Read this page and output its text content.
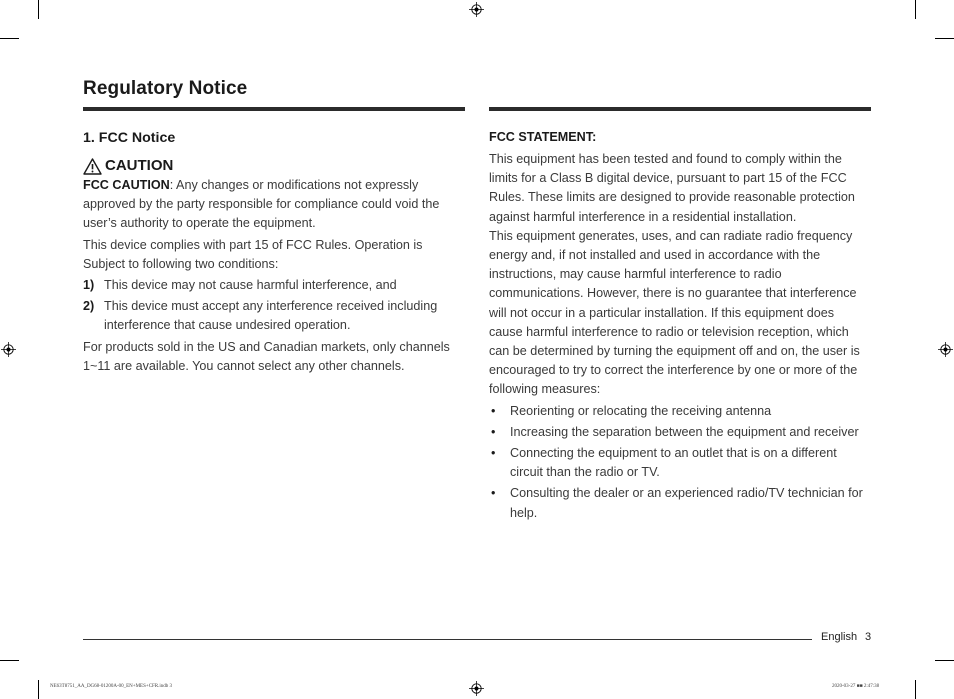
Regulatory Notice
1. FCC Notice
CAUTION

FCC CAUTION: Any changes or modifications not expressly approved by the party responsible for compliance could void the user’s authority to operate the equipment.

This device complies with part 15 of FCC Rules. Operation is Subject to following two conditions:

1) This device may not cause harmful interference, and
2) This device must accept any interference received including interference that cause undesired operation.

For products sold in the US and Canadian markets, only channels 1~11 are available. You cannot select any other channels.

FCC STATEMENT:

This equipment has been tested and found to comply within the limits for a Class B digital device, pursuant to part 15 of the FCC Rules. These limits are designed to provide reasonable protection against harmful interference in a residential installation.

This equipment generates, uses, and can radiate radio frequency energy and, if not installed and used in accordance with the instructions, may cause harmful interference to radio communications. However, there is no guarantee that interference will not occur in a particular installation. If this equipment does cause harmful interference to radio or television reception, which can be determined by turning the equipment off and on, the user is encouraged to try to correct the interference by one or more of the following measures:

• Reorienting or relocating the receiving antenna
• Increasing the separation between the equipment and receiver
• Connecting the equipment to an outlet that is on a different circuit than the radio or TV.
• Consulting the dealer or an experienced radio/TV technician for help.
English 3
NE63T8751_AA_DG68-01200A-00_EN+MES+CFR.indb 3	2020-03-27 ■■ 2:47:38
